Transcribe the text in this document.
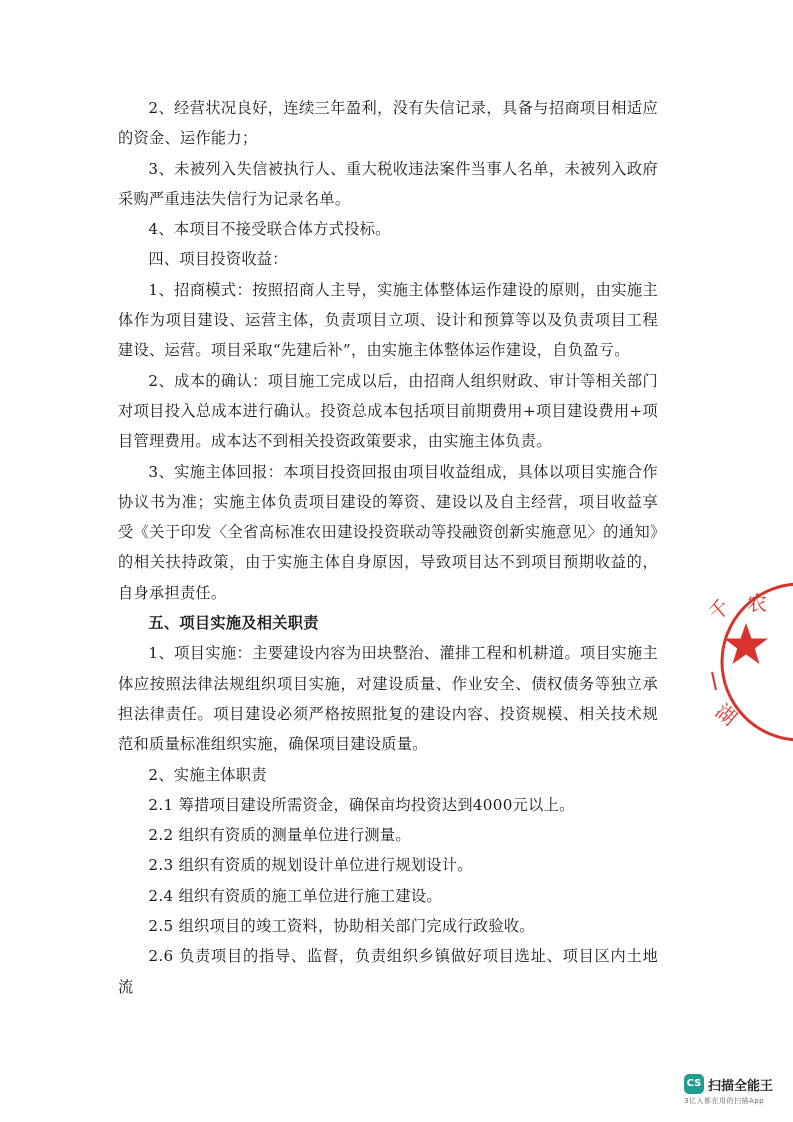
2、经营状况良好，连续三年盈利，没有失信记录，具备与招商项目相适应的资金、运作能力；

3、未被列入失信被执行人、重大税收违法案件当事人名单，未被列入政府采购严重违法失信行为记录名单。

4、本项目不接受联合体方式投标。

四、项目投资收益：

1、招商模式：按照招商人主导，实施主体整体运作建设的原则，由实施主体作为项目建设、运营主体，负责项目立项、设计和预算等以及负责项目工程建设、运营。项目采取“先建后补”，由实施主体整体运作建设，自负盈亏。

2、成本的确认：项目施工完成以后，由招商人组织财政、审计等相关部门对项目投入总成本进行确认。投资总成本包括项目前期费用+项目建设费用+项目管理费用。成本达不到相关投资政策要求，由实施主体负责。

3、实施主体回报：本项目投资回报由项目收益组成，具体以项目实施合作协议书为准；实施主体负责项目建设的筹资、建设以及自主经营，项目收益享受《关于印发〈全省高标准农田建设投资联动等投融资创新实施意见〉的通知》的相关扶持政策，由于实施主体自身原因，导致项目达不到项目预期收益的，自身承担责任。

五、项目实施及相关职责

1、项目实施：主要建设内容为田块整治、灌排工程和机耕道。项目实施主体应按照法律法规组织项目实施，对建设质量、作业安全、债权债务等独立承担法律责任。项目建设必须严格按照批复的建设内容、投资规模、相关技术规范和质量标准组织实施，确保项目建设质量。

2、实施主体职责

2.1 筹措项目建设所需资金，确保亩均投资达到4000元以上。

2.2 组织有资质的测量单位进行测量。

2.3 组织有资质的规划设计单位进行规划设计。

2.4 组织有资质的施工单位进行施工建设。

2.5 组织项目的竣工资料，协助相关部门完成行政验收。

2.6 负责项目的指导、监督，负责组织乡镇做好项目选址、项目区内土地流

农
千
湖
CS 扫描全能王
3亿人都在用的扫描App
